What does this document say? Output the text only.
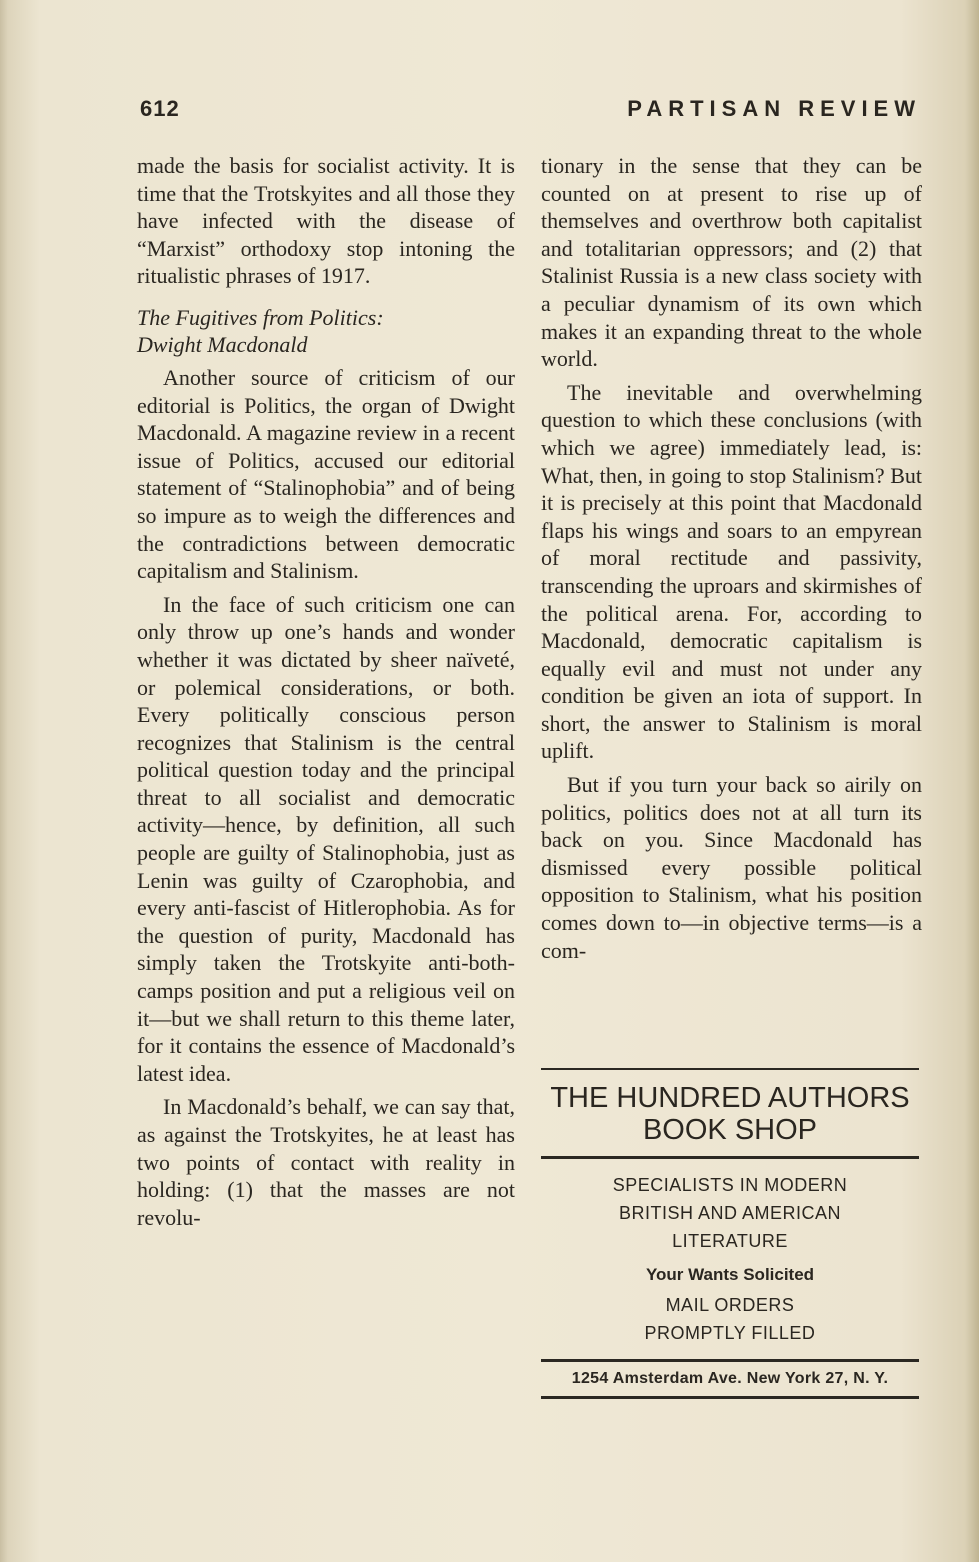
612	PARTISAN REVIEW

made the basis for socialist activity. It is time that the Trotskyites and all those they have infected with the disease of “Marxist” orthodoxy stop intoning the ritualistic phrases of 1917.

The Fugitives from Politics:
Dwight Macdonald

Another source of criticism of our editorial is Politics, the organ of Dwight Macdonald. A magazine review in a recent issue of Politics, accused our editorial statement of “Stalinophobia” and of being so impure as to weigh the differences and the contradictions between democratic capitalism and Stalinism.

In the face of such criticism one can only throw up one’s hands and wonder whether it was dictated by sheer naïveté, or polemical considerations, or both. Every politically conscious person recognizes that Stalinism is the central political question today and the principal threat to all socialist and democratic activity—hence, by definition, all such people are guilty of Stalinophobia, just as Lenin was guilty of Czarophobia, and every anti-fascist of Hitlerophobia. As for the question of purity, Macdonald has simply taken the Trotskyite anti-both-camps position and put a religious veil on it—but we shall return to this theme later, for it contains the essence of Macdonald’s latest idea.

In Macdonald’s behalf, we can say that, as against the Trotskyites, he at least has two points of contact with reality in holding: (1) that the masses are not revolu-

tionary in the sense that they can be counted on at present to rise up of themselves and overthrow both capitalist and totalitarian oppressors; and (2) that Stalinist Russia is a new class society with a peculiar dynamism of its own which makes it an expanding threat to the whole world.

The inevitable and overwhelming question to which these conclusions (with which we agree) immediately lead, is: What, then, in going to stop Stalinism? But it is precisely at this point that Macdonald flaps his wings and soars to an empyrean of moral rectitude and passivity, transcending the uproars and skirmishes of the political arena. For, according to Macdonald, democratic capitalism is equally evil and must not under any condition be given an iota of support. In short, the answer to Stalinism is moral uplift.

But if you turn your back so airily on politics, politics does not at all turn its back on you. Since Macdonald has dismissed every possible political opposition to Stalinism, what his position comes down to—in objective terms—is a com-

THE HUNDRED AUTHORS
BOOK SHOP
SPECIALISTS IN MODERN BRITISH AND AMERICAN LITERATURE
Your Wants Solicited
MAIL ORDERS PROMPTLY FILLED
1254 Amsterdam Ave. New York 27, N. Y.
